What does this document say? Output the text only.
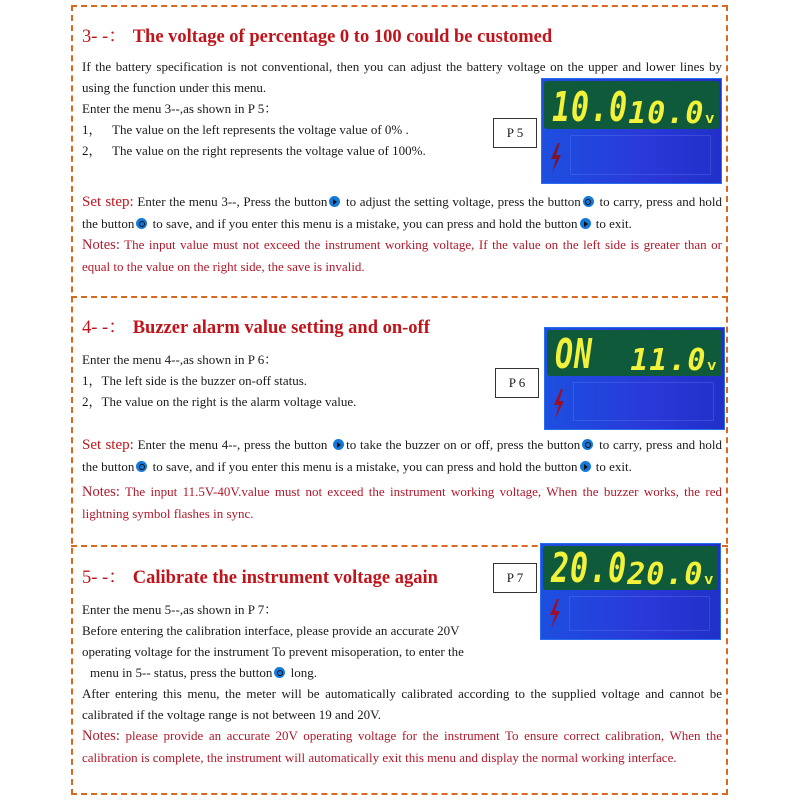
3- -： The voltage of percentage 0 to 100 could be customed

If the battery specification is not conventional, then you can adjust the battery voltage on the upper and lower lines by using the function under this menu.

Enter the menu 3--,as shown in P 5：

1， The value on the left represents the voltage value of 0% .

2， The value on the right represents the voltage value of 100%.

Set step: Enter the menu 3--, Press the button to adjust the setting voltage, press the button to carry, press and hold the button to save, and if you enter this menu is a mistake, you can press and hold the button to exit.

Notes: The input value must not exceed the instrument working voltage, If the value on the left side is greater than or equal to the value on the right side, the save is invalid.

P 5
10.0 10.0V
4- -： Buzzer alarm value setting and on-off

Enter the menu 4--,as shown in P 6：

1，The left side is the buzzer on-off status.

2，The value on the right is the alarm voltage value.

Set step: Enter the menu 4--, press the button to take the buzzer on or off, press the button to carry, press and hold the button to save, and if you enter this menu is a mistake, you can press and hold the button to exit.

Notes: The input 11.5V-40V.value must not exceed the instrument working voltage, When the buzzer works, the red lightning symbol flashes in sync.

P 6
ON 11.0V
5- -： Calibrate the instrument voltage again

Enter the menu 5--,as shown in P 7：

Before entering the calibration interface, please provide an accurate 20V

operating voltage for the instrument To prevent misoperation, to enter the

menu in 5-- status, press the button long.

After entering this menu, the meter will be automatically calibrated according to the supplied voltage and cannot be calibrated if the voltage range is not between 19 and 20V.

Notes: please provide an accurate 20V operating voltage for the instrument To ensure correct calibration, When the calibration is complete, the instrument will automatically exit this menu and display the normal working interface.

P 7 20.0 20.0V
